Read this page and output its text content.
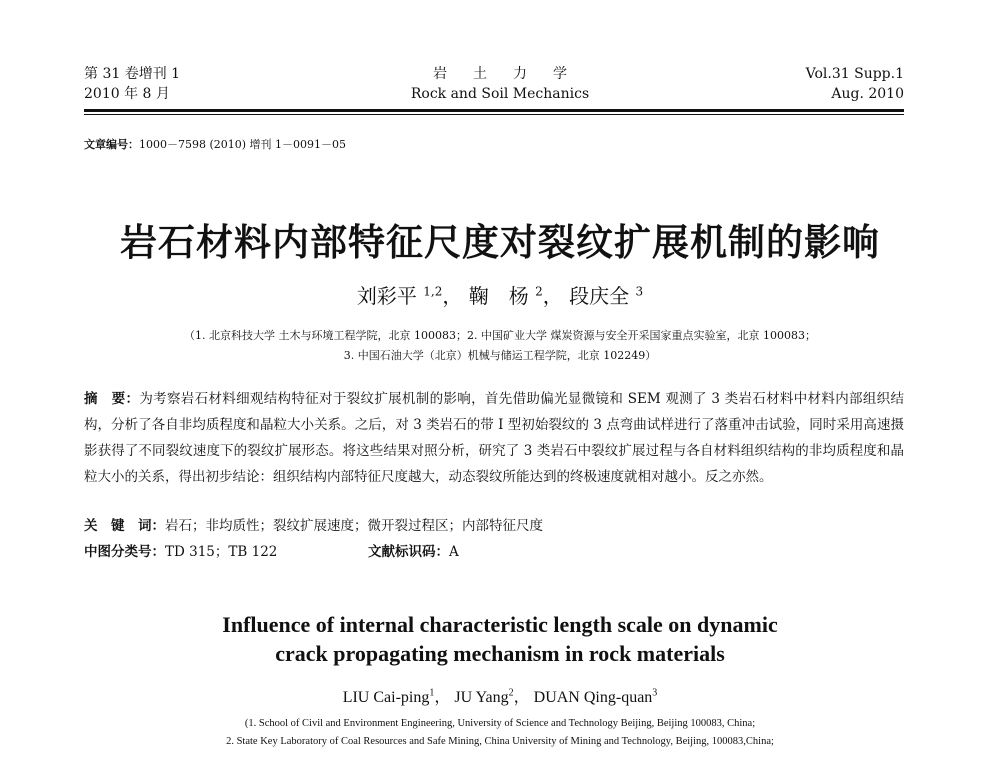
第 31 卷增刊 1
2010 年 8 月
岩土力学
Rock and Soil Mechanics
Vol.31 Supp.1
Aug. 2010
文章编号：1000－7598 (2010) 增刊 1－0091－05
岩石材料内部特征尺度对裂纹扩展机制的影响
刘彩平 $^{1,2}$， 鞠　杨 $^2$， 段庆全 $^3$
（1. 北京科技大学 土木与环境工程学院，北京 100083；2. 中国矿业大学 煤炭资源与安全开采国家重点实验室，北京 100083；
3. 中国石油大学（北京）机械与储运工程学院，北京 102249）
摘　要：为考察岩石材料细观结构特征对于裂纹扩展机制的影响，首先借助偏光显微镜和 SEM 观测了 3 类岩石材料中材料内部组织结构，分析了各自非均质程度和晶粒大小关系。之后，对 3 类岩石的带 I 型初始裂纹的 3 点弯曲试样进行了落重冲击试验，同时采用高速摄影获得了不同裂纹速度下的裂纹扩展形态。将这些结果对照分析，研究了 3 类岩石中裂纹扩展过程与各自材料组织结构的非均质程度和晶粒大小的关系，得出初步结论：组织结构内部特征尺度越大，动态裂纹所能达到的终极速度就相对越小。反之亦然。
关　键　词：岩石；非均质性；裂纹扩展速度；微开裂过程区；内部特征尺度
中图分类号：TD 315；TB 122	文献标识码：A
Influence of internal characteristic length scale on dynamic
crack propagating mechanism in rock materials
LIU Cai-ping$^1$， JU Yang$^2$， DUAN Qing-quan$^3$
(1. School of Civil and Environment Engineering, University of Science and Technology Beijing, Beijing 100083, China;
2. State Key Laboratory of Coal Resources and Safe Mining, China University of Mining and Technology, Beijing, 100083,China;
